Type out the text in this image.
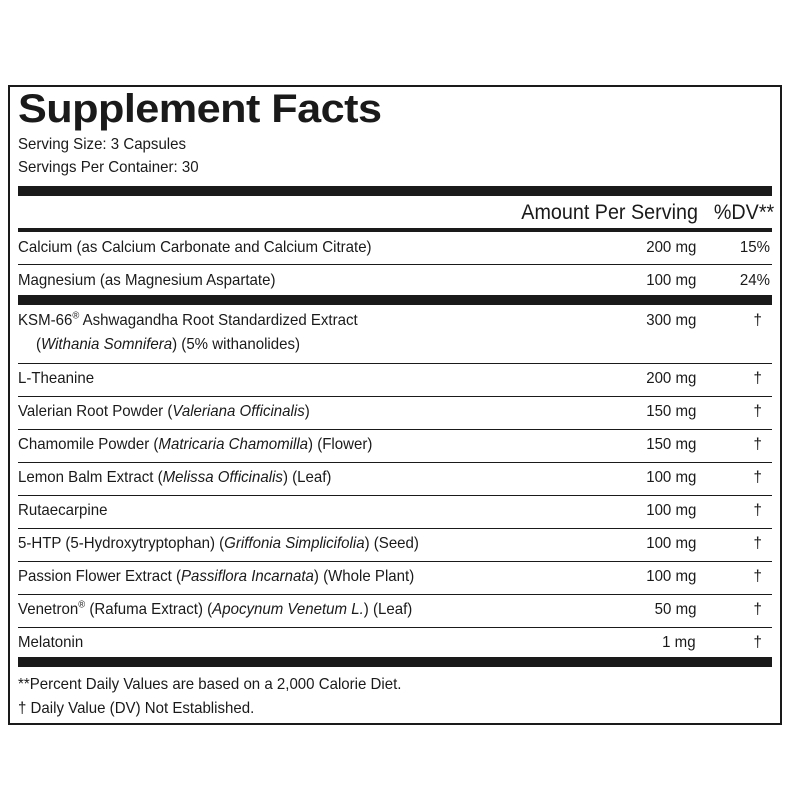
Supplement Facts
Serving Size: 3 Capsules
Servings Per Container: 30
Amount Per Serving %DV**
Calcium (as Calcium Carbonate and Calcium Citrate)	200 mg	15%
Magnesium (as Magnesium Aspartate)	100 mg	24%
KSM-66® Ashwagandha Root Standardized Extract
(Withania Somnifera) (5% withanolides)
300 mg	†
L-Theanine	200 mg	†
Valerian Root Powder (Valeriana Officinalis)	150 mg	†
Chamomile Powder (Matricaria Chamomilla) (Flower)	150 mg	†
Lemon Balm Extract (Melissa Officinalis) (Leaf)	100 mg	†
Rutaecarpine	100 mg	†
5-HTP (5-Hydroxytryptophan) (Griffonia Simplicifolia) (Seed)	100 mg	†
Passion Flower Extract (Passiflora Incarnata) (Whole Plant)	100 mg	†
Venetron® (Rafuma Extract) (Apocynum Venetum L.) (Leaf)	50 mg	†
Melatonin	1 mg	†
**Percent Daily Values are based on a 2,000 Calorie Diet.
† Daily Value (DV) Not Established.
